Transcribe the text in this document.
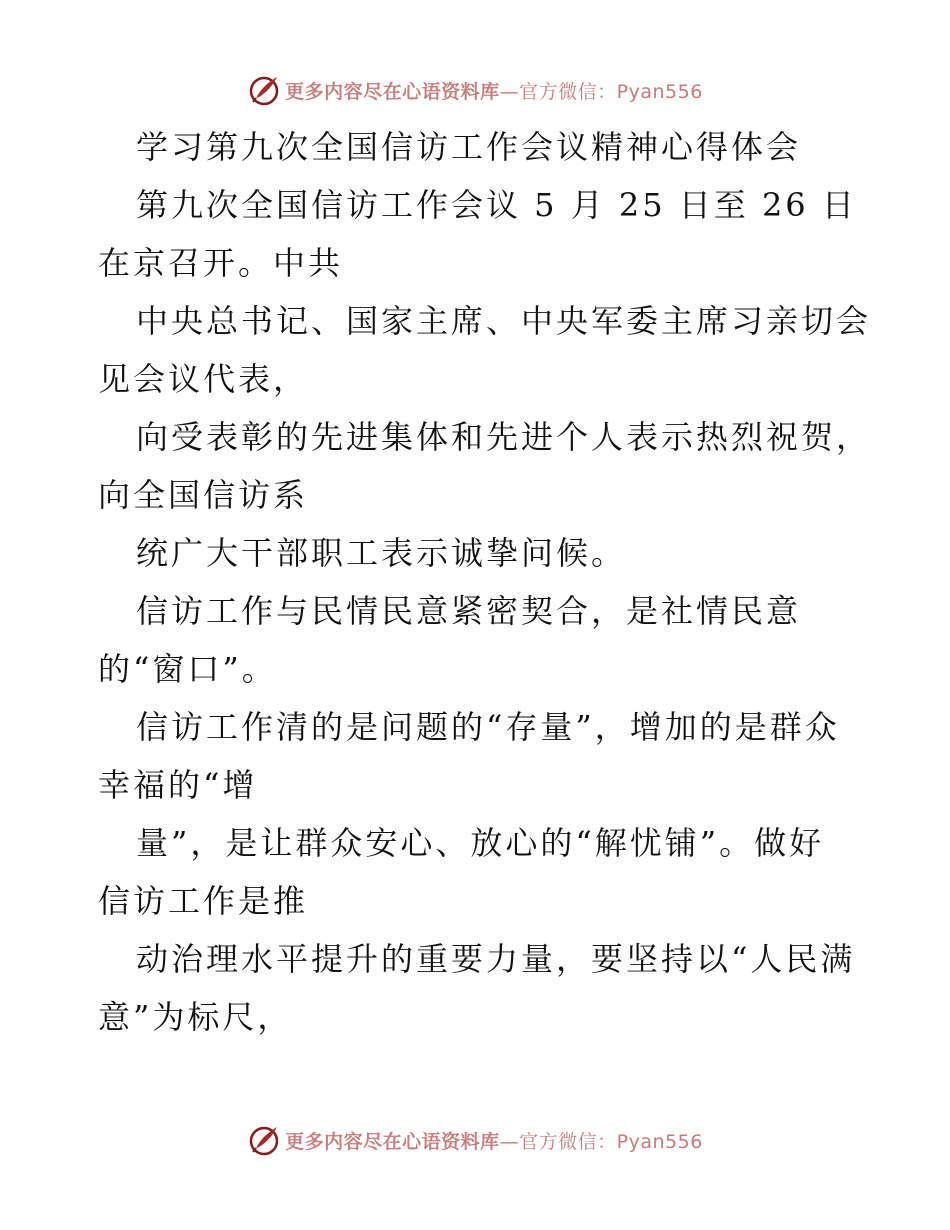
更多内容尽在心语资料库—官方微信：Pyan556
学习第九次全国信访工作会议精神心得体会
第九次全国信访工作会议 5 月 25 日至 26 日
在京召开。中共
中央总书记、国家主席、中央军委主席习亲切会
见会议代表，
向受表彰的先进集体和先进个人表示热烈祝贺，
向全国信访系
统广大干部职工表示诚挚问候。
信访工作与民情民意紧密契合，是社情民意
的“窗口”。
信访工作清的是问题的“存量”，增加的是群众
幸福的“增
量”，是让群众安心、放心的“解忧铺”。做好
信访工作是推
动治理水平提升的重要力量，要坚持以“人民满
意”为标尺，
更多内容尽在心语资料库—官方微信：Pyan556
